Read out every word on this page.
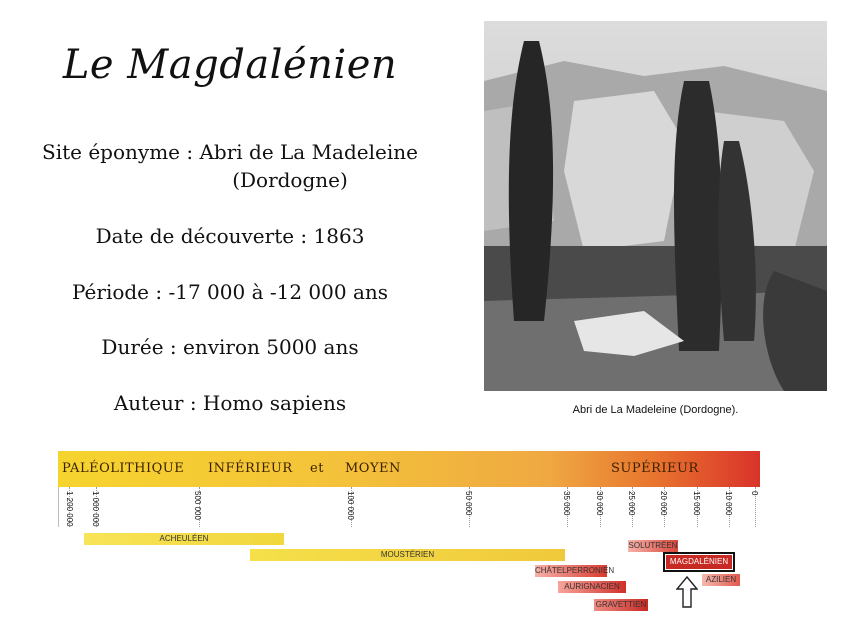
Le Magdalénien
Site éponyme : Abri de La Madeleine
(Dordogne)
Date de découverte : 1863
Période : -17 000 à -12 000 ans
Durée : environ 5000 ans
Auteur : Homo sapiens	Abri de La Madeleine (Dordogne).
PALÉOLITHIQUE INFÉRIEUR et MOYEN	SUPÉRIEUR
1 200 000 1 000 000	500 000	100 000	50 000	35 000	30 000	25 000	20 000	15 000	10 000 0
ACHEULÉEN
MOUSTÉRIEN
CHÂTELPERRONIEN
AURIGNACIEN
GRAVETTIEN
SOLUTRÉEN
MAGDALÉNIEN
AZILIEN
